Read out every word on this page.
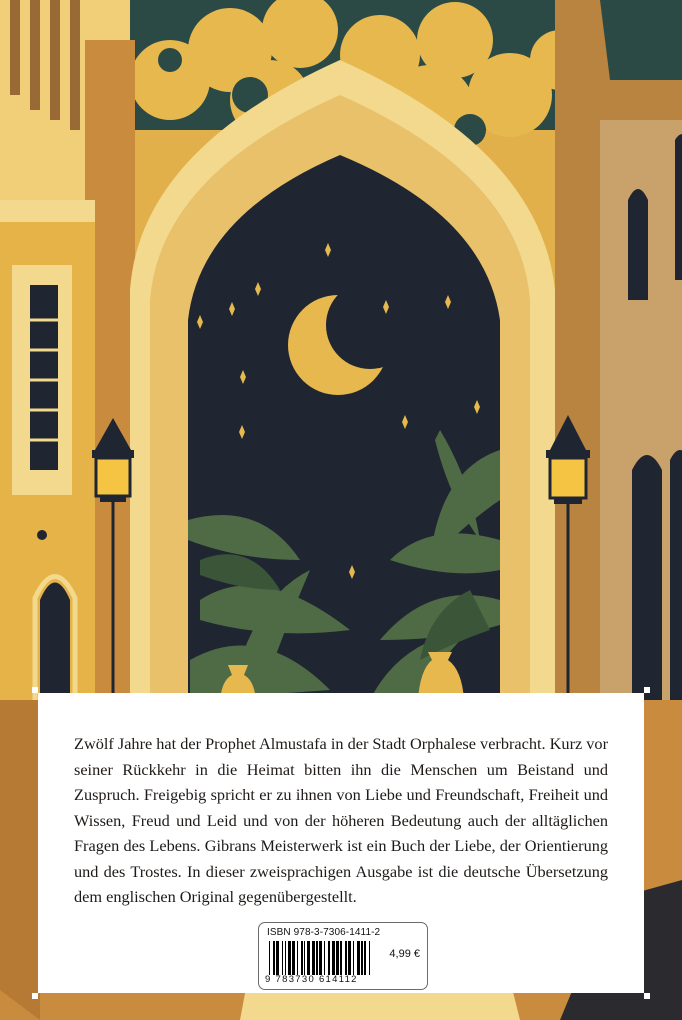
Zwölf Jahre hat der Prophet Almustafa in der Stadt Orphalese verbracht. Kurz vor seiner Rückkehr in die Heimat bitten ihn die Menschen um Beistand und Zuspruch. Freigebig spricht er zu ihnen von Liebe und Freundschaft, Freiheit und Wissen, Freud und Leid und von der höheren Bedeutung auch der alltäglichen Fragen des Lebens. Gibrans Meisterwerk ist ein Buch der Liebe, der Orientierung und des Trostes. In dieser zweisprachigen Ausgabe ist die deutsche Übersetzung dem englischen Original gegenübergestellt.

ISBN 978-3-7306-1411-2
4,99 €
9 783730 614112
